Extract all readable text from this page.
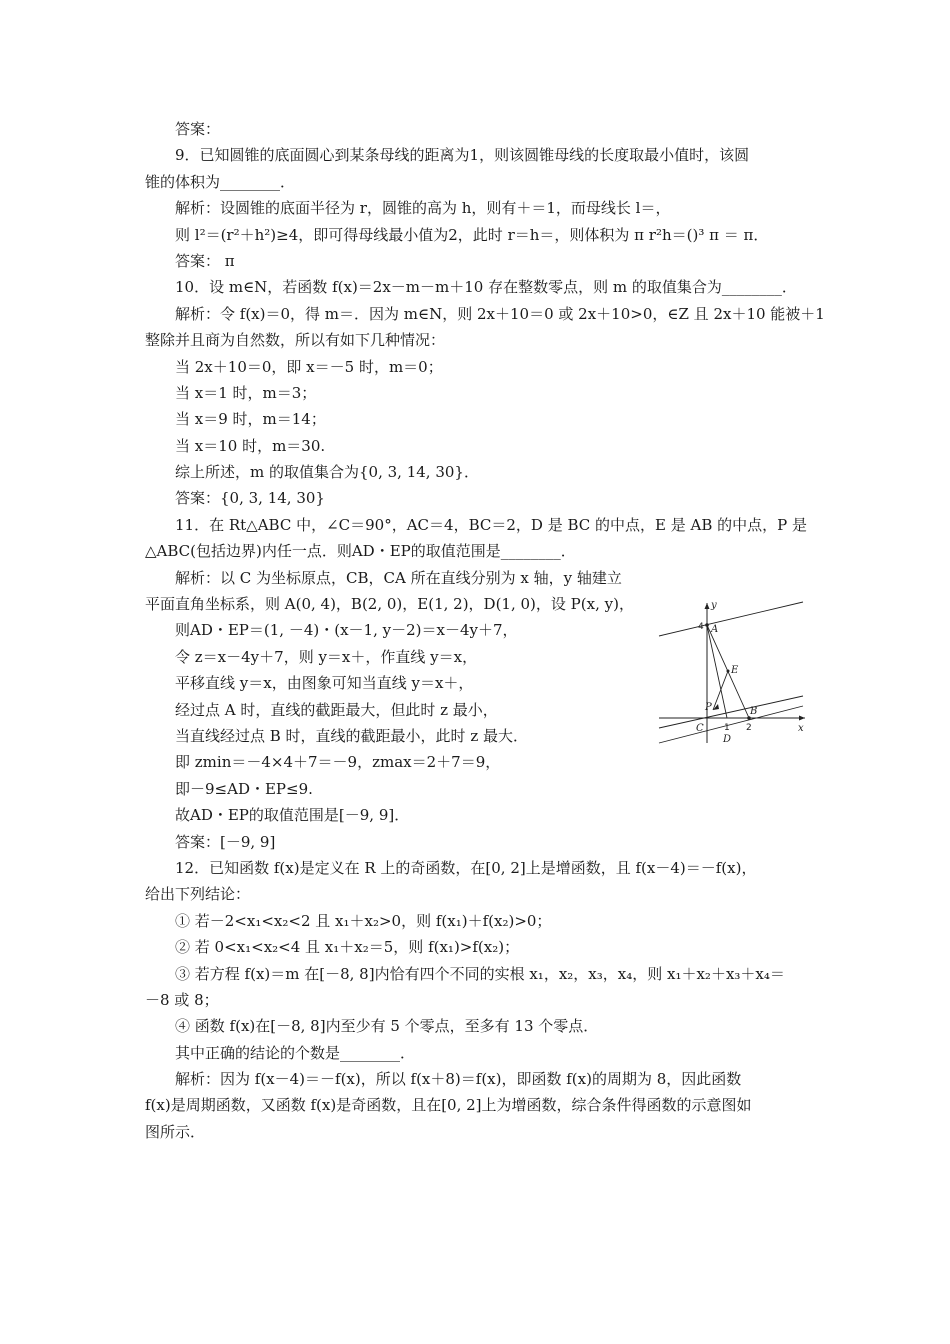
答案：
9．已知圆锥的底面圆心到某条母线的距离为1，则该圆锥母线的长度取最小值时，该圆
锥的体积为________．
解析：设圆锥的底面半径为 r，圆锥的高为 h，则有＋＝1，而母线长 l＝，
则 l²＝(r²＋h²)≥4，即可得母线最小值为2，此时 r＝h＝，则体积为 π r²h＝()³ π ＝ π．
答案： π
10．设 m∈N，若函数 f(x)＝2x－m－m＋10 存在整数零点，则 m 的取值集合为________．
解析：令 f(x)＝0，得 m＝．因为 m∈N，则 2x＋10＝0 或 2x＋10>0，∈Z 且 2x＋10 能被＋1
整除并且商为自然数，所以有如下几种情况：
当 2x＋10＝0，即 x＝－5 时，m＝0；
当 x＝1 时，m＝3；
当 x＝9 时，m＝14；
当 x＝10 时，m＝30.
综上所述，m 的取值集合为{0, 3, 14, 30}．
答案：{0, 3, 14, 30}
11．在 Rt△ABC 中，∠C＝90°，AC＝4，BC＝2，D 是 BC 的中点，E 是 AB 的中点，P 是
△ABC(包括边界)内任一点．则AD・EP的取值范围是________．
解析：以 C 为坐标原点，CB，CA 所在直线分别为 x 轴，y 轴建立
平面直角坐标系，则 A(0, 4)，B(2, 0)，E(1, 2)，D(1, 0)，设 P(x, y)，
则AD・EP＝(1, －4)・(x－1, y－2)＝x－4y＋7，
令 z＝x－4y＋7，则 y＝x＋，作直线 y＝x，
平移直线 y＝x，由图象可知当直线 y＝x＋，
经过点 A 时，直线的截距最大，但此时 z 最小，
当直线经过点 B 时，直线的截距最小，此时 z 最大．
即 zmin＝－4×4＋7＝－9，zmax＝2＋7＝9，
即－9≤AD・EP≤9.
故AD・EP的取值范围是[－9, 9]．
答案：[－9, 9]
12．已知函数 f(x)是定义在 R 上的奇函数，在[0, 2]上是增函数，且 f(x－4)＝－f(x)，
给出下列结论：
① 若－2<x₁<x₂<2 且 x₁＋x₂>0，则 f(x₁)＋f(x₂)>0；
② 若 0<x₁<x₂<4 且 x₁＋x₂＝5，则 f(x₁)>f(x₂)；
③ 若方程 f(x)＝m 在[－8, 8]内恰有四个不同的实根 x₁，x₂，x₃，x₄，则 x₁＋x₂＋x₃＋x₄＝
－8 或 8；
④ 函数 f(x)在[－8, 8]内至少有 5 个零点，至多有 13 个零点．
其中正确的结论的个数是________．
解析：因为 f(x－4)＝－f(x)，所以 f(x＋8)＝f(x)，即函数 f(x)的周期为 8，因此函数
f(x)是周期函数，又函数 f(x)是奇函数，且在[0, 2]上为增函数，综合条件得函数的示意图如
图所示．
y
x
4 A
E
P	B
C 1 2
D
